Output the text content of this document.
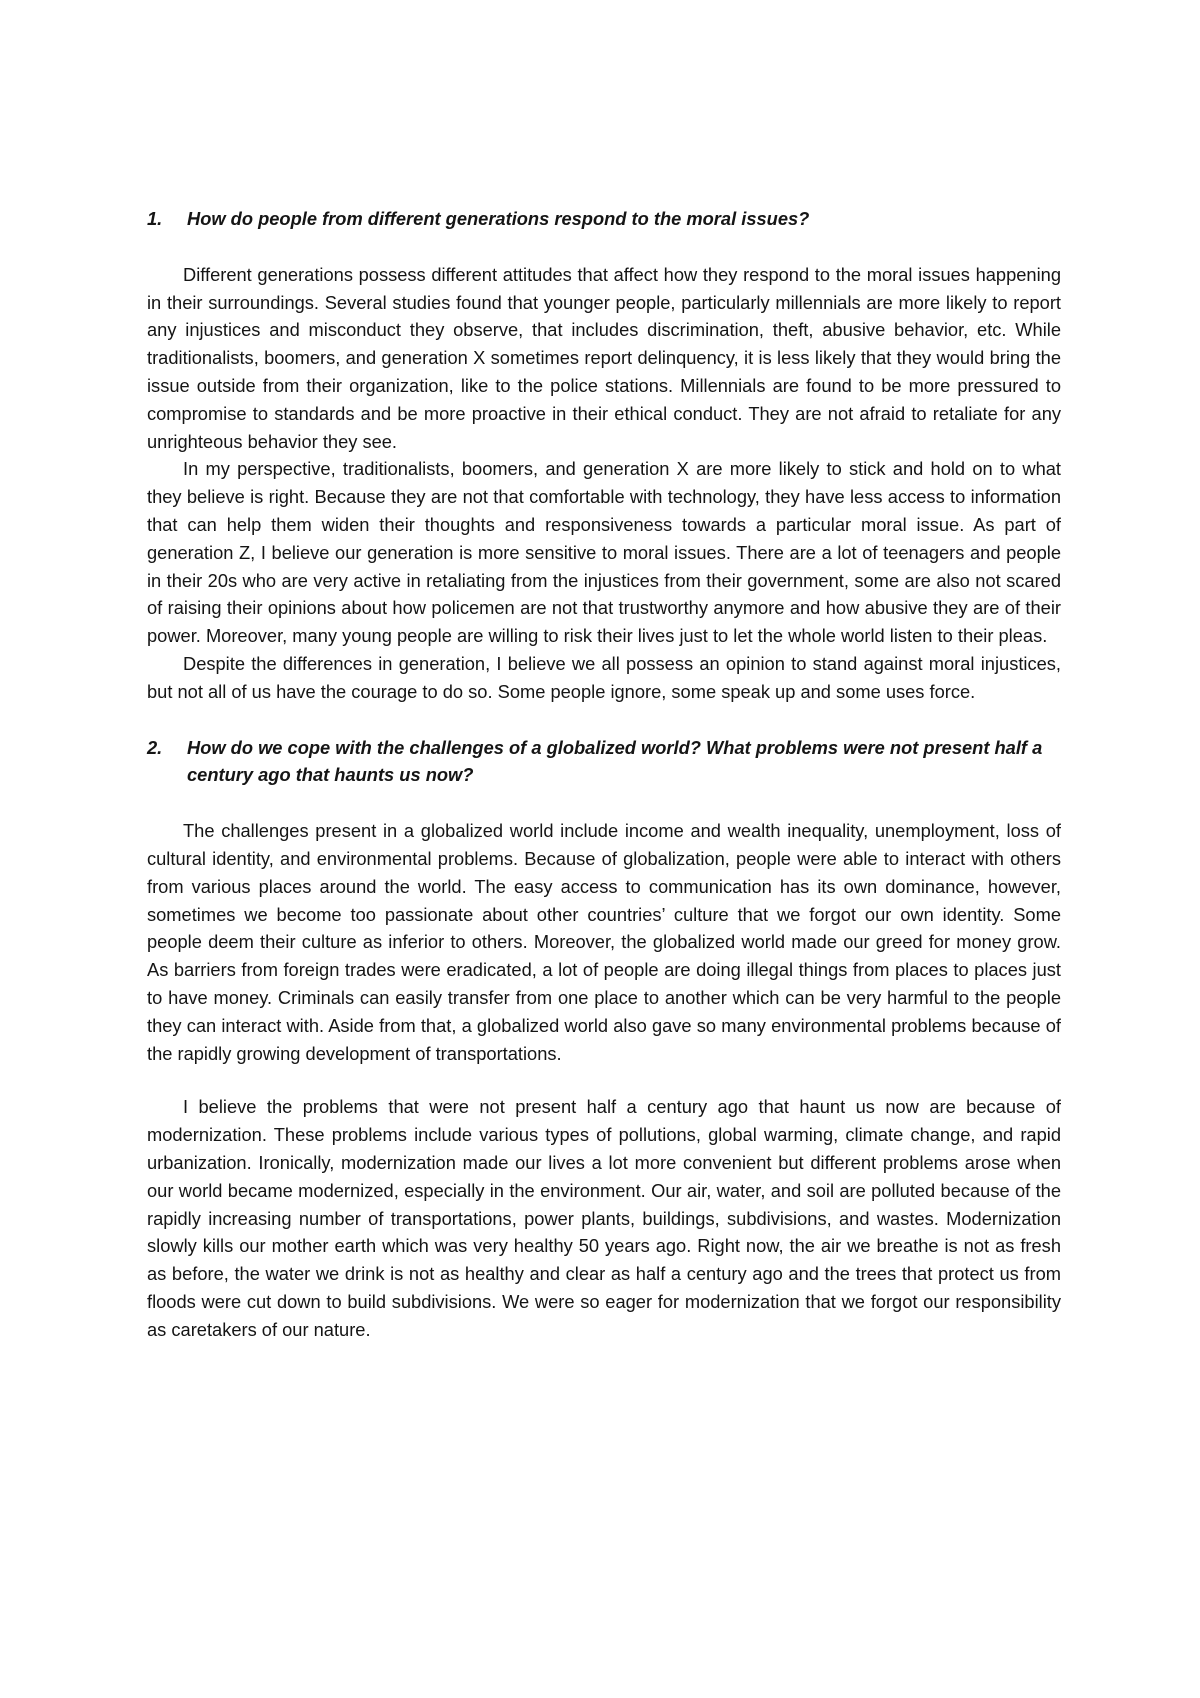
1.	How do people from different generations respond to the moral issues?

Different generations possess different attitudes that affect how they respond to the moral issues happening in their surroundings. Several studies found that younger people, particularly millennials are more likely to report any injustices and misconduct they observe, that includes discrimination, theft, abusive behavior, etc. While traditionalists, boomers, and generation X sometimes report delinquency, it is less likely that they would bring the issue outside from their organization, like to the police stations. Millennials are found to be more pressured to compromise to standards and be more proactive in their ethical conduct. They are not afraid to retaliate for any unrighteous behavior they see.

In my perspective, traditionalists, boomers, and generation X are more likely to stick and hold on to what they believe is right. Because they are not that comfortable with technology, they have less access to information that can help them widen their thoughts and responsiveness towards a particular moral issue. As part of generation Z, I believe our generation is more sensitive to moral issues. There are a lot of teenagers and people in their 20s who are very active in retaliating from the injustices from their government, some are also not scared of raising their opinions about how policemen are not that trustworthy anymore and how abusive they are of their power. Moreover, many young people are willing to risk their lives just to let the whole world listen to their pleas.

Despite the differences in generation, I believe we all possess an opinion to stand against moral injustices, but not all of us have the courage to do so. Some people ignore, some speak up and some uses force.

2.	How do we cope with the challenges of a globalized world? What problems were not present half a century ago that haunts us now?

The challenges present in a globalized world include income and wealth inequality, unemployment, loss of cultural identity, and environmental problems. Because of globalization, people were able to interact with others from various places around the world. The easy access to communication has its own dominance, however, sometimes we become too passionate about other countries’ culture that we forgot our own identity. Some people deem their culture as inferior to others. Moreover, the globalized world made our greed for money grow. As barriers from foreign trades were eradicated, a lot of people are doing illegal things from places to places just to have money. Criminals can easily transfer from one place to another which can be very harmful to the people they can interact with. Aside from that, a globalized world also gave so many environmental problems because of the rapidly growing development of transportations.

I believe the problems that were not present half a century ago that haunt us now are because of modernization. These problems include various types of pollutions, global warming, climate change, and rapid urbanization. Ironically, modernization made our lives a lot more convenient but different problems arose when our world became modernized, especially in the environment. Our air, water, and soil are polluted because of the rapidly increasing number of transportations, power plants, buildings, subdivisions, and wastes. Modernization slowly kills our mother earth which was very healthy 50 years ago. Right now, the air we breathe is not as fresh as before, the water we drink is not as healthy and clear as half a century ago and the trees that protect us from floods were cut down to build subdivisions. We were so eager for modernization that we forgot our responsibility as caretakers of our nature.
